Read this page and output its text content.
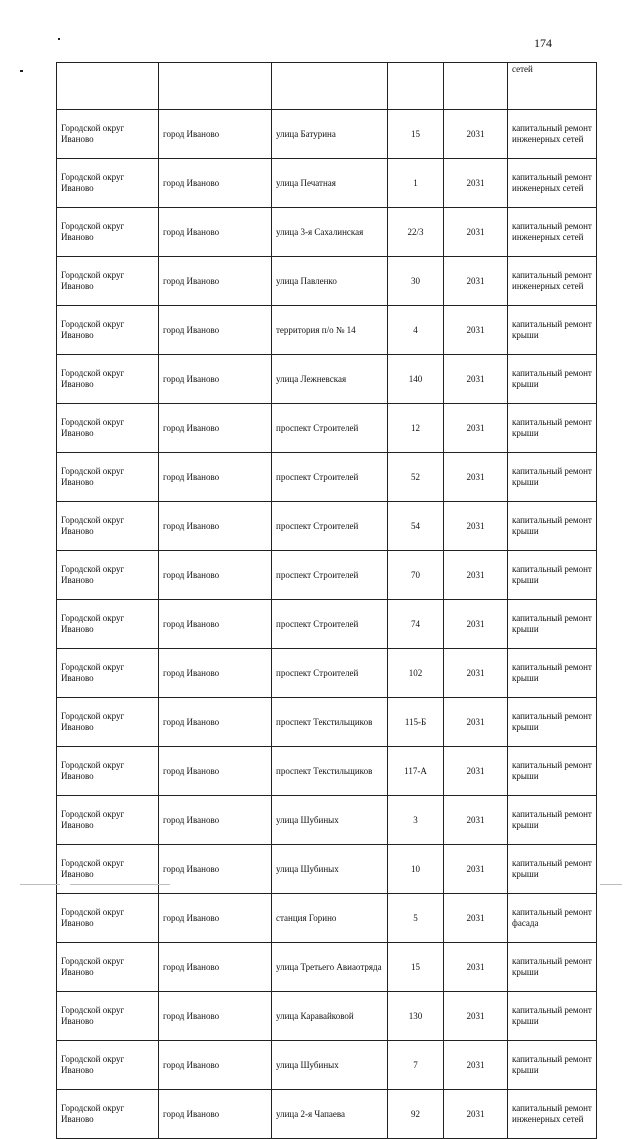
174
					сетей
Городской округ Иваново	город Иваново	улица Батурина	15	2031	капитальный ремонт инженерных сетей
Городской округ Иваново	город Иваново	улица Печатная	1	2031	капитальный ремонт инженерных сетей
Городской округ Иваново	город Иваново	улица 3-я Сахалинская	22/3	2031	капитальный ремонт инженерных сетей
Городской округ Иваново	город Иваново	улица Павленко	30	2031	капитальный ремонт инженерных сетей
Городской округ Иваново	город Иваново	территория п/о № 14	4	2031	капитальный ремонт крыши
Городской округ Иваново	город Иваново	улица Лежневская	140	2031	капитальный ремонт крыши
Городской округ Иваново	город Иваново	проспект Строителей	12	2031	капитальный ремонт крыши
Городской округ Иваново	город Иваново	проспект Строителей	52	2031	капитальный ремонт крыши
Городской округ Иваново	город Иваново	проспект Строителей	54	2031	капитальный ремонт крыши
Городской округ Иваново	город Иваново	проспект Строителей	70	2031	капитальный ремонт крыши
Городской округ Иваново	город Иваново	проспект Строителей	74	2031	капитальный ремонт крыши
Городской округ Иваново	город Иваново	проспект Строителей	102	2031	капитальный ремонт крыши
Городской округ Иваново	город Иваново	проспект Текстильщиков	115-Б	2031	капитальный ремонт крыши
Городской округ Иваново	город Иваново	проспект Текстильщиков	117-А	2031	капитальный ремонт крыши
Городской округ Иваново	город Иваново	улица Шубиных	3	2031	капитальный ремонт крыши
Городской округ Иваново	город Иваново	улица Шубиных	10	2031	капитальный ремонт крыши
Городской округ Иваново	город Иваново	станция Горино	5	2031	капитальный ремонт фасада
Городской округ Иваново	город Иваново	улица Третьего Авиаотряда	15	2031	капитальный ремонт крыши
Городской округ Иваново	город Иваново	улица Каравайковой	130	2031	капитальный ремонт крыши
Городской округ Иваново	город Иваново	улица Шубиных	7	2031	капитальный ремонт крыши
Городской округ Иваново	город Иваново	улица 2-я Чапаева	92	2031	капитальный ремонт инженерных сетей
